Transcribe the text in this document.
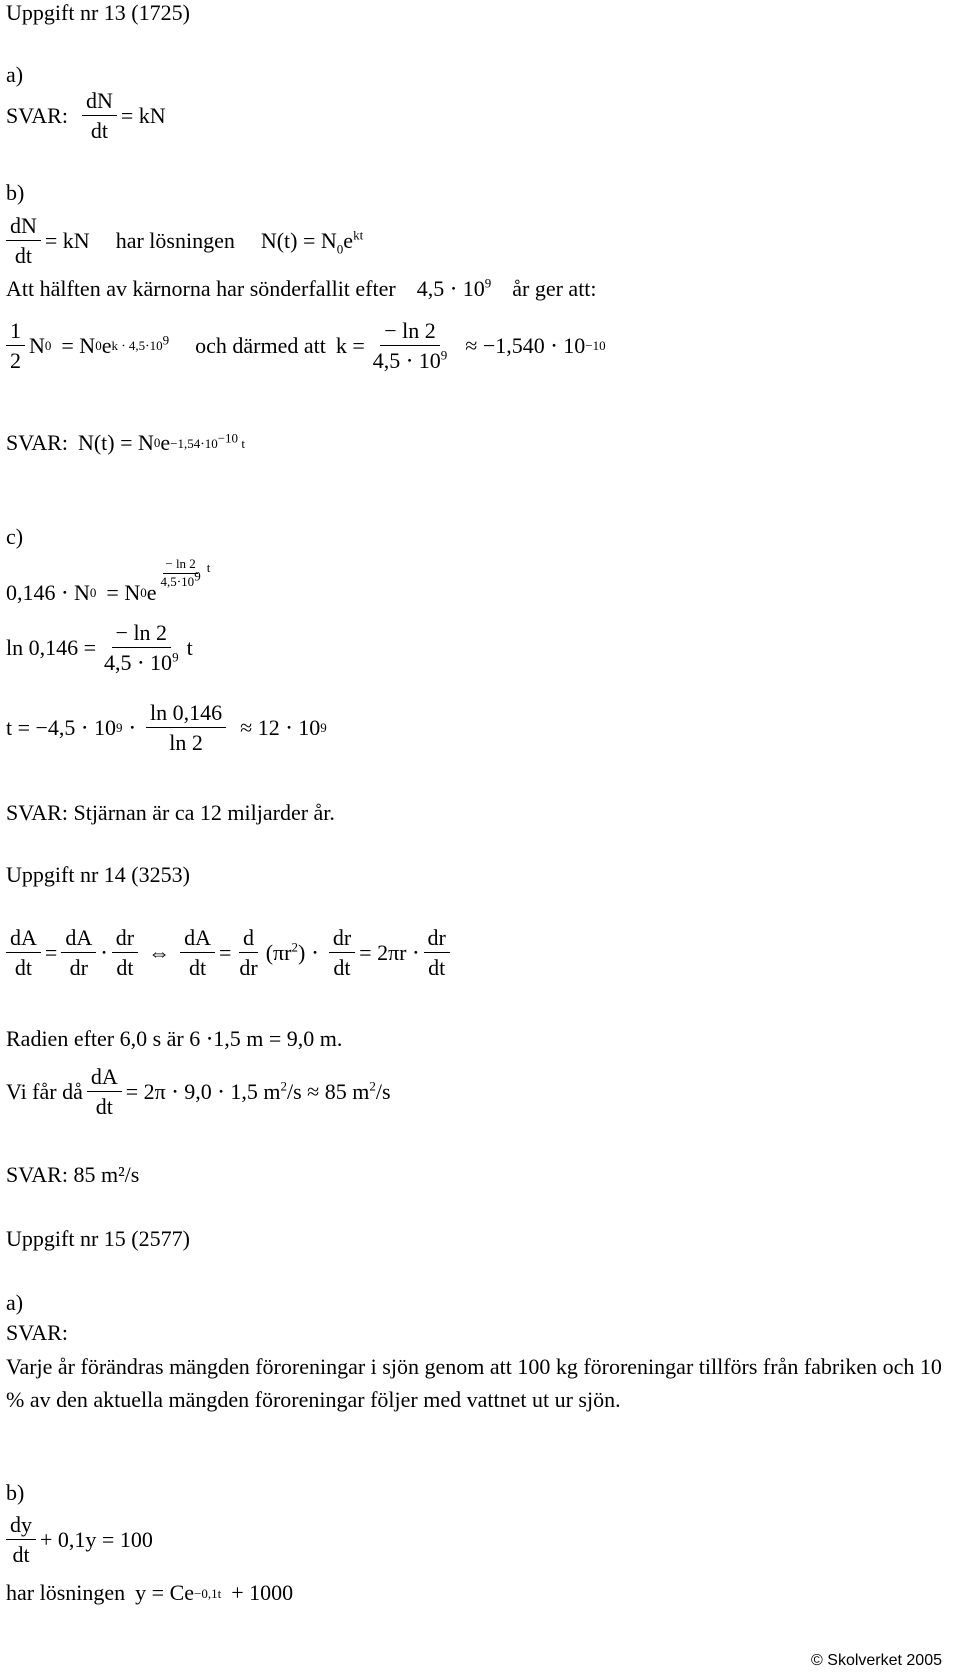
Uppgift nr 13 (1725)
a)
SVAR: $\frac{dN}{dt}$ = kN
b)
$\frac{dN}{dt}$ = kN har lösningen $N(t) = N_0e^{kt}$
Att hälften av kärnorna har sönderfallit efter $4,5 \cdot 10^9$ år ger att:
$\frac{1}{2}$ N 0 = N 0 e $k \cdot 4,5\cdot 10^9$ och därmed att $k = \frac{- \ln 2}{4,5 \cdot 10^9} \approx -1,540 \cdot 10 -10$
SVAR: N(t) = N 0 $e -1,54\cdot 10^{-10}$ t
c)
0,146 ⋅ N 0 = N 0 e
$\frac{- \ln 2}{4,5\cdot 10^9}$ t
$\ln 0,146 = \frac{- \ln 2}{4,5 \cdot 10^9}$ t
t = −4,5 ⋅ 10 $9 \cdot \frac{\ln 0,146}{\ln 2} \approx 12 \cdot 10$ 9
SVAR: Stjärnan är ca 12 miljarder år.
Uppgift nr 14 (3253)
$\frac{dA}{dt} = \frac{dA}{dr} \cdot \frac{dr}{dt}$ ⇔ $\frac{dA}{dt} = \frac{d}{dr} (\pi r^2) \cdot \frac{dr}{dt} = 2\pi r \cdot \frac{dr}{dt}$
Radien efter 6,0 s är 6 ⋅1,5 m = 9,0 m.
Vi får då $\frac{dA}{dt} = 2\pi \cdot 9,0 \cdot 1,5$ $m^2/s \approx 85$ $m^2/s$
SVAR: 85 m²/s
Uppgift nr 15 (2577)
a)
SVAR:
Varje år förändras mängden föroreningar i sjön genom att 100 kg föroreningar tillförs från fabriken och 10 % av den aktuella mängden föroreningar följer med vattnet ut ur sjön.
b)
$\frac{dy}{dt} + 0,1y = 100$
har lösningen y = Ce −0,1t + 1000
© Skolverket 2005
